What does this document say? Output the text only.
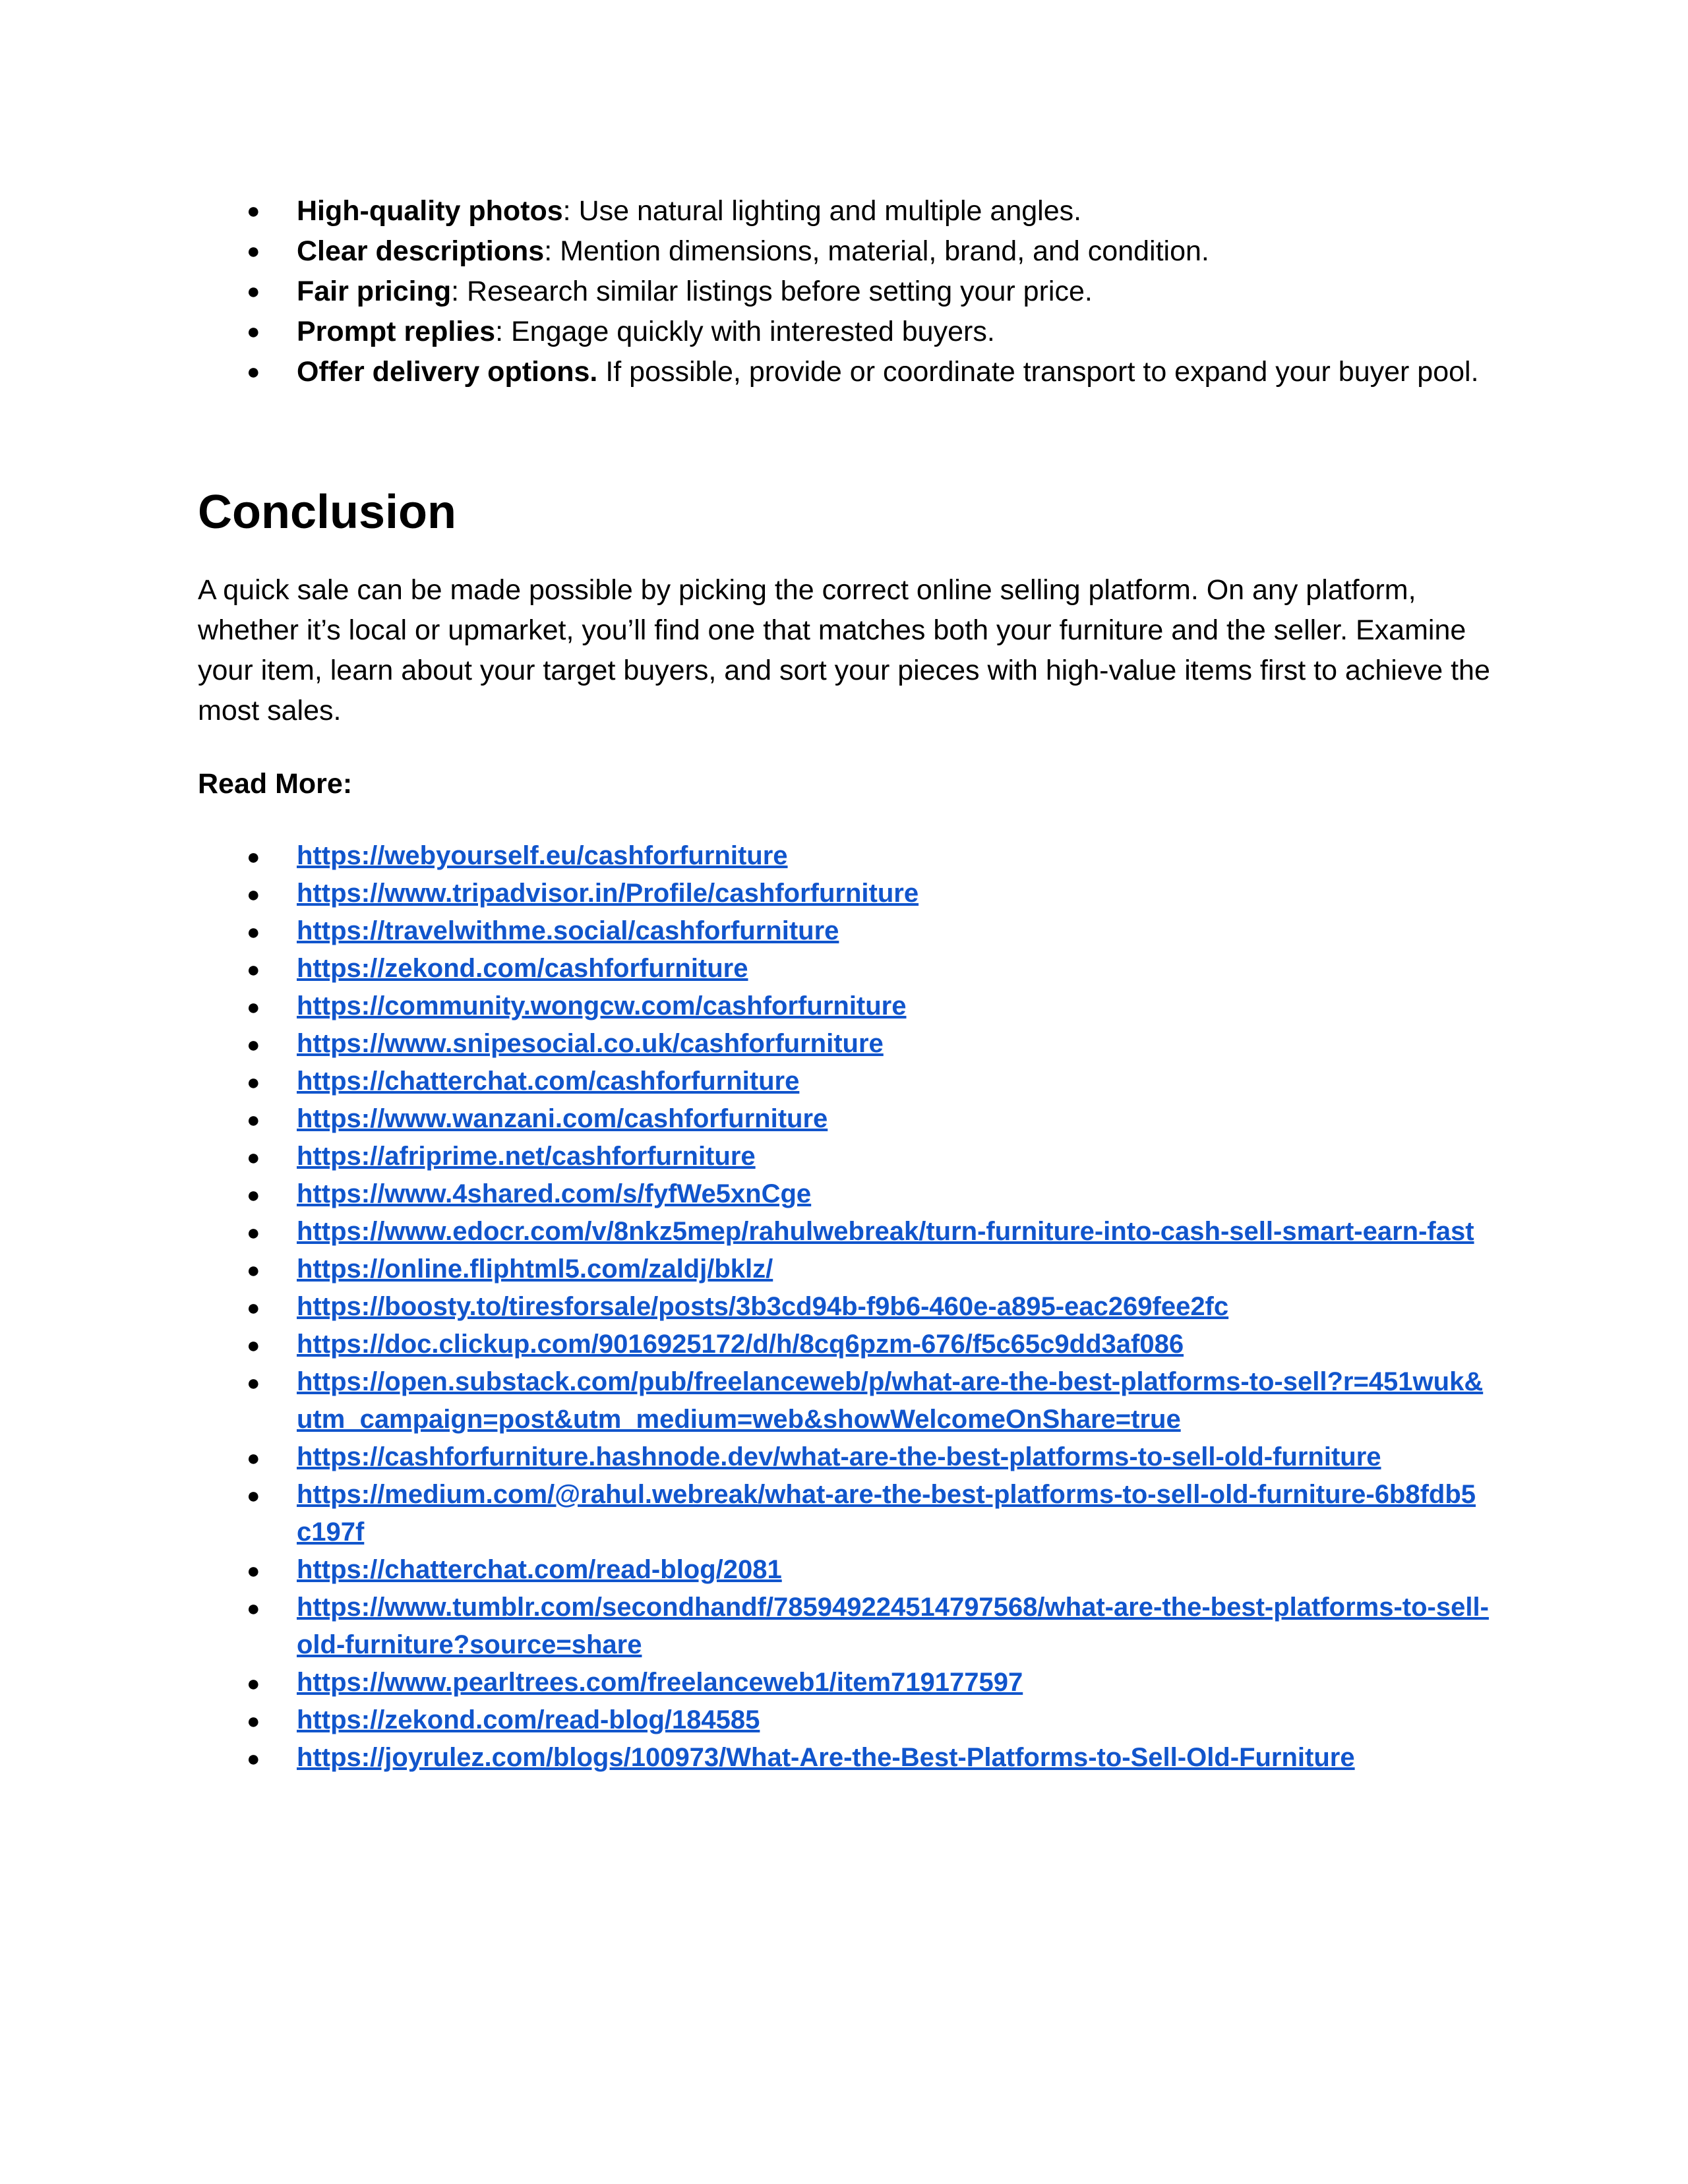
● High-quality photos: Use natural lighting and multiple angles.
● Clear descriptions: Mention dimensions, material, brand, and condition.
● Fair pricing: Research similar listings before setting your price.
● Prompt replies: Engage quickly with interested buyers.
● Offer delivery options. If possible, provide or coordinate transport to expand your buyer pool.
Conclusion

A quick sale can be made possible by picking the correct online selling platform. On any platform, whether it’s local or upmarket, you’ll find one that matches both your furniture and the seller. Examine your item, learn about your target buyers, and sort your pieces with high-value items first to achieve the most sales.

Read More:

● https://webyourself.eu/cashforfurniture
● https://www.tripadvisor.in/Profile/cashforfurniture
● https://travelwithme.social/cashforfurniture
● https://zekond.com/cashforfurniture
● https://community.wongcw.com/cashforfurniture
● https://www.snipesocial.co.uk/cashforfurniture
● https://chatterchat.com/cashforfurniture
● https://www.wanzani.com/cashforfurniture
● https://afriprime.net/cashforfurniture
● https://www.4shared.com/s/fyfWe5xnCge
● https://www.edocr.com/v/8nkz5mep/rahulwebreak/turn-furniture-into-cash-sell-smart-earn-fast
● https://online.fliphtml5.com/zaldj/bklz/
● https://boosty.to/tiresforsale/posts/3b3cd94b-f9b6-460e-a895-eac269fee2fc
● https://doc.clickup.com/9016925172/d/h/8cq6pzm-676/f5c65c9dd3af086
● https://open.substack.com/pub/freelanceweb/p/what-are-the-best-platforms-to-sell?r=451wuk&utm_campaign=post&utm_medium=web&showWelcomeOnShare=true
● https://cashforfurniture.hashnode.dev/what-are-the-best-platforms-to-sell-old-furniture
● https://medium.com/@rahul.webreak/what-are-the-best-platforms-to-sell-old-furniture-6b8fdb5c197f
● https://chatterchat.com/read-blog/2081
● https://www.tumblr.com/secondhandf/785949224514797568/what-are-the-best-platforms-to-sell-old-furniture?source=share
● https://www.pearltrees.com/freelanceweb1/item719177597
● https://zekond.com/read-blog/184585
● https://joyrulez.com/blogs/100973/What-Are-the-Best-Platforms-to-Sell-Old-Furniture
